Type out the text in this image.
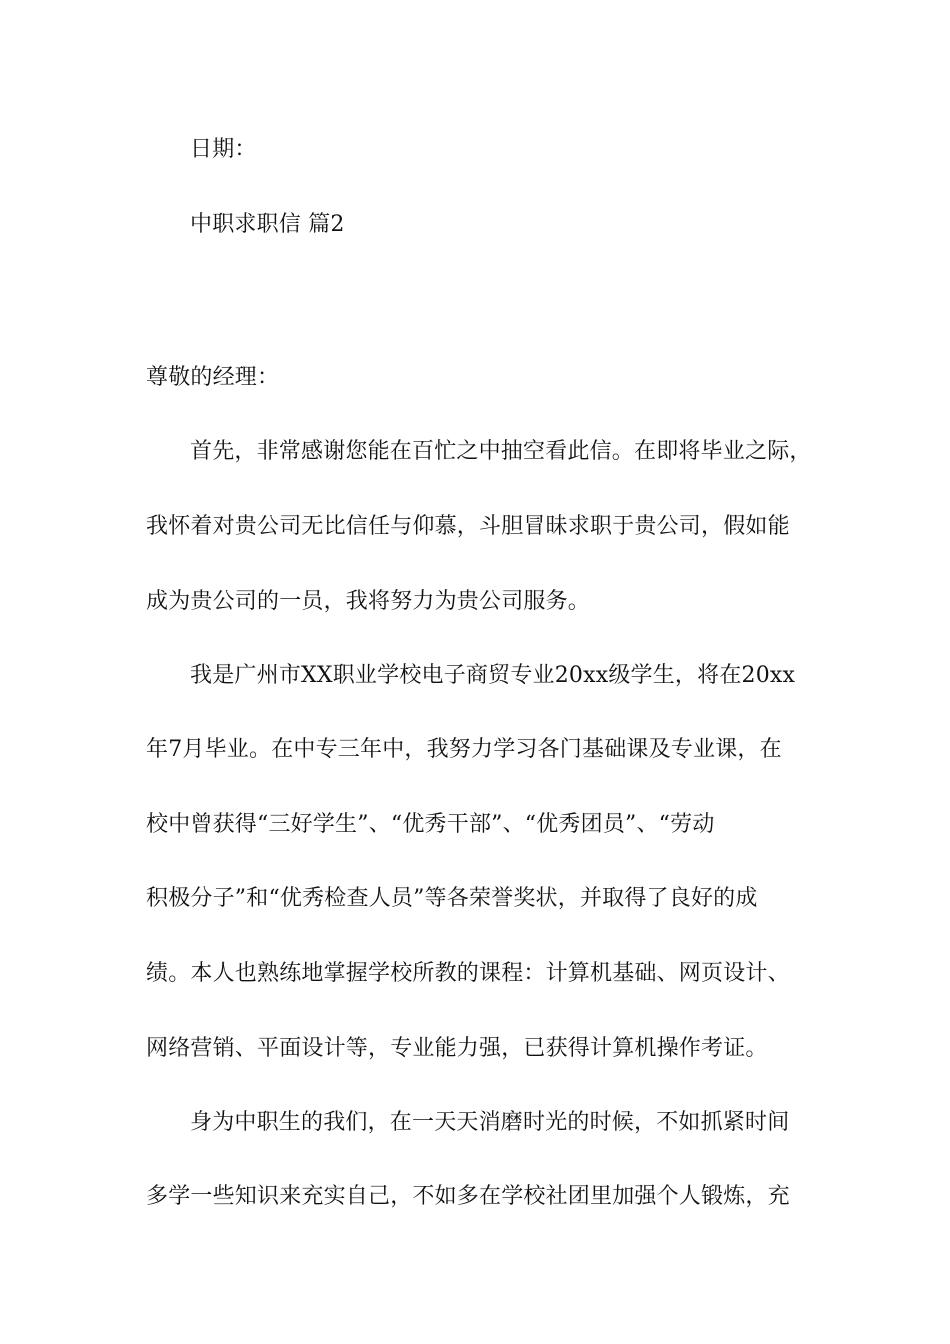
日期：
中职求职信 篇2
尊敬的经理：
首先，非常感谢您能在百忙之中抽空看此信。在即将毕业之际，
我怀着对贵公司无比信任与仰慕，斗胆冒昧求职于贵公司，假如能
成为贵公司的一员，我将努力为贵公司服务。
我是广州市XX职业学校电子商贸专业20xx级学生，将在20xx
年7月毕业。在中专三年中，我努力学习各门基础课及专业课，在
校中曾获得“三好学生”、“优秀干部”、“优秀团员”、“劳动
积极分子”和“优秀检查人员”等各荣誉奖状，并取得了良好的成
绩。本人也熟练地掌握学校所教的课程：计算机基础、网页设计、
网络营销、平面设计等，专业能力强，已获得计算机操作考证。
身为中职生的我们，在一天天消磨时光的时候，不如抓紧时间
多学一些知识来充实自己，不如多在学校社团里加强个人锻炼，充
